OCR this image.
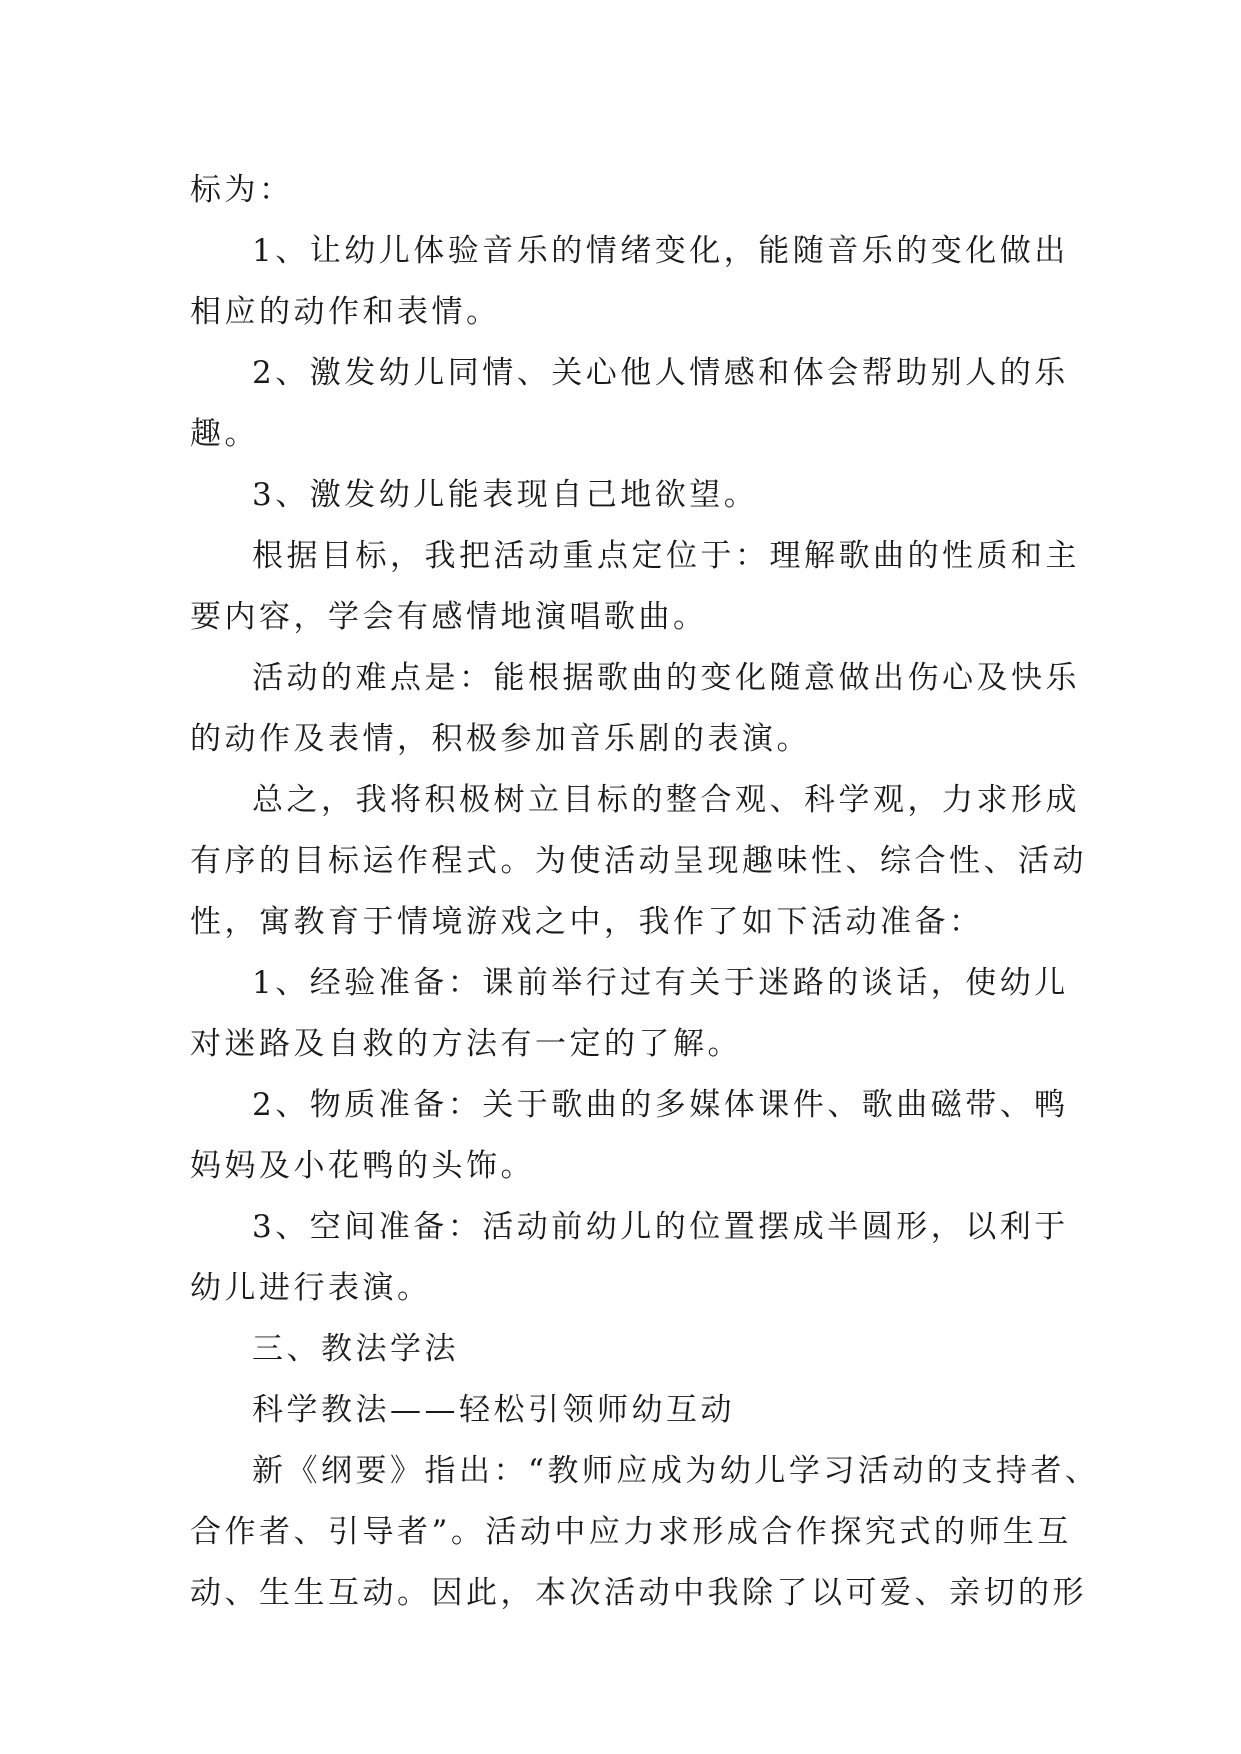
标为：

1、让幼儿体验音乐的情绪变化，能随音乐的变化做出
相应的动作和表情。

2、激发幼儿同情、关心他人情感和体会帮助别人的乐
趣。

3、激发幼儿能表现自己地欲望。

根据目标，我把活动重点定位于：理解歌曲的性质和主
要内容，学会有感情地演唱歌曲。

活动的难点是：能根据歌曲的变化随意做出伤心及快乐
的动作及表情，积极参加音乐剧的表演。

总之，我将积极树立目标的整合观、科学观，力求形成
有序的目标运作程式。为使活动呈现趣味性、综合性、活动
性，寓教育于情境游戏之中，我作了如下活动准备：

1、经验准备：课前举行过有关于迷路的谈话，使幼儿
对迷路及自救的方法有一定的了解。

2、物质准备：关于歌曲的多媒体课件、歌曲磁带、鸭
妈妈及小花鸭的头饰。

3、空间准备：活动前幼儿的位置摆成半圆形，以利于
幼儿进行表演。

三、教法学法

科学教法——轻松引领师幼互动

新《纲要》指出：“教师应成为幼儿学习活动的支持者、
合作者、引导者”。活动中应力求形成合作探究式的师生互
动、生生互动。因此，本次活动中我除了以可爱、亲切的形
